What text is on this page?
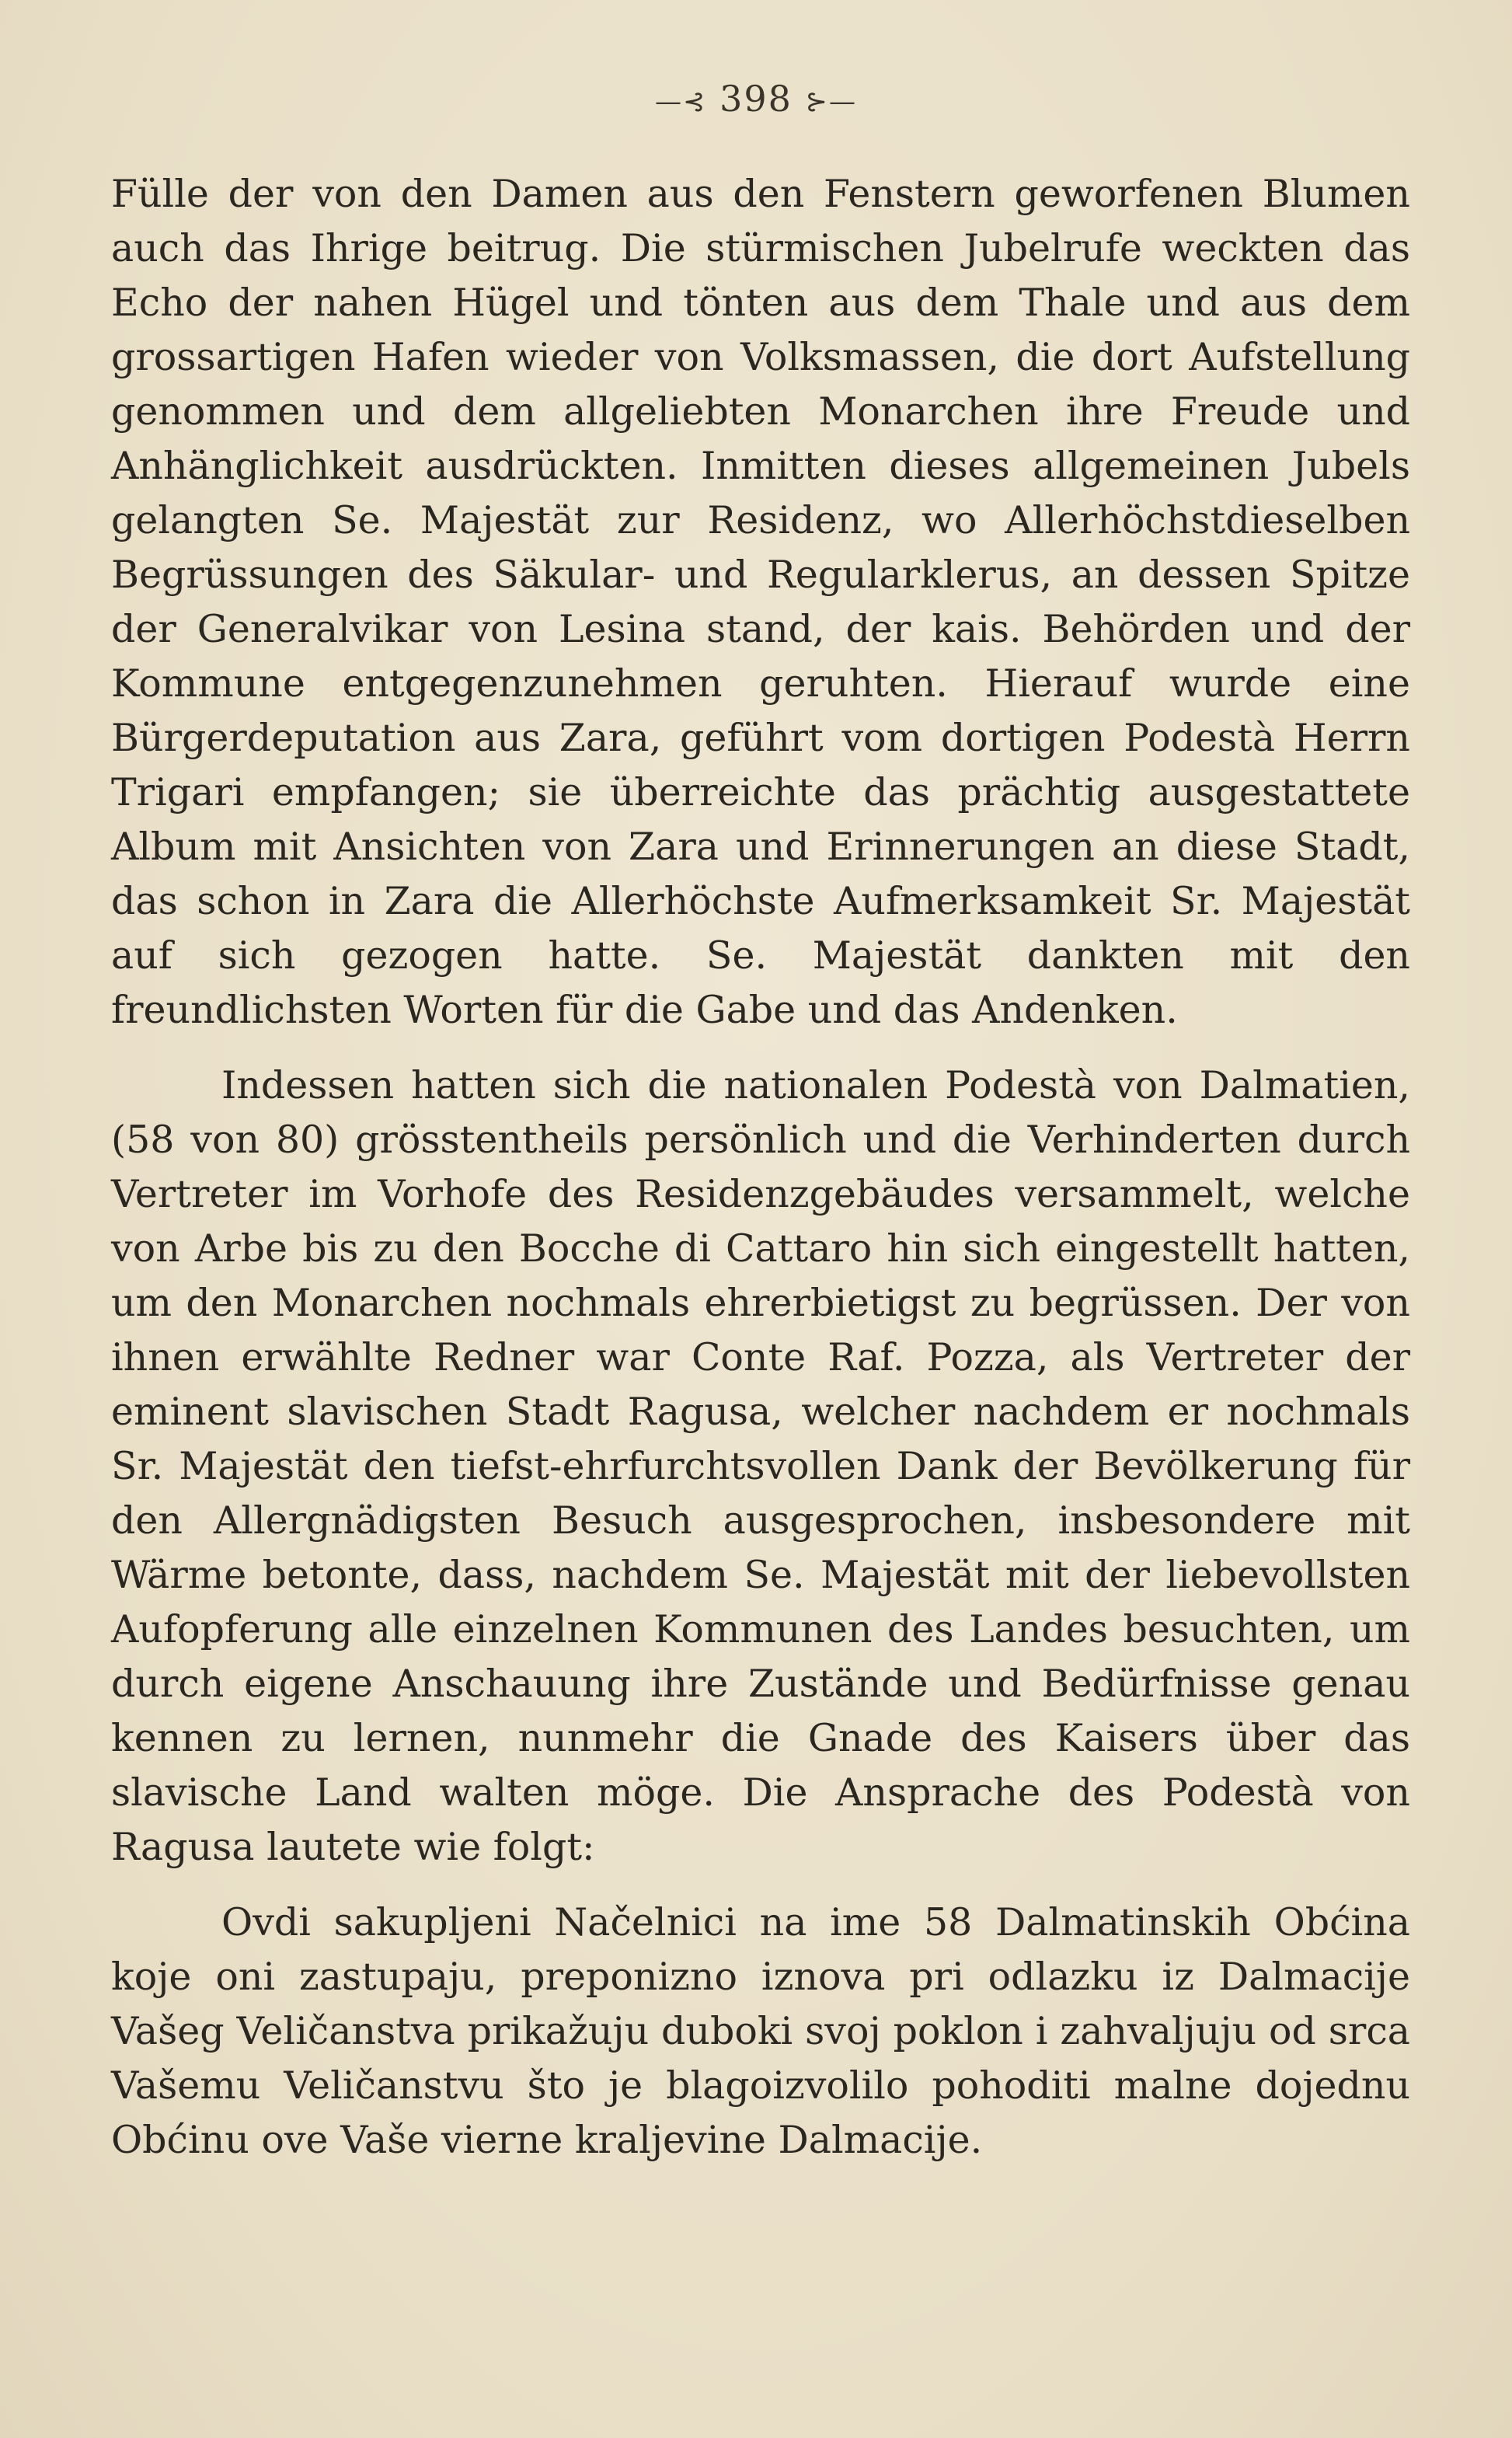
—⊰ 398 ⊱—

Fülle der von den Damen aus den Fenstern geworfenen Blumen auch das Ihrige beitrug. Die stürmischen Jubelrufe weckten das Echo der nahen Hügel und tönten aus dem Thale und aus dem grossartigen Hafen wieder von Volksmassen, die dort Aufstellung genommen und dem allgeliebten Monarchen ihre Freude und Anhänglichkeit ausdrückten. Inmitten dieses allgemeinen Jubels gelangten Se. Majestät zur Residenz, wo Allerhöchstdieselben Begrüssungen des Säkular- und Regularklerus, an dessen Spitze der Generalvikar von Lesina stand, der kais. Behörden und der Kommune entgegenzunehmen geruhten. Hierauf wurde eine Bürgerdeputation aus Zara, geführt vom dortigen Podestà Herrn Trigari empfangen; sie überreichte das prächtig ausgestattete Album mit Ansichten von Zara und Erinnerungen an diese Stadt, das schon in Zara die Allerhöchste Aufmerksamkeit Sr. Majestät auf sich gezogen hatte. Se. Majestät dankten mit den freundlichsten Worten für die Gabe und das Andenken.

Indessen hatten sich die nationalen Podestà von Dalmatien, (58 von 80) grösstentheils persönlich und die Verhinderten durch Vertreter im Vorhofe des Residenzgebäudes versammelt, welche von Arbe bis zu den Bocche di Cattaro hin sich eingestellt hatten, um den Monarchen nochmals ehrerbietigst zu begrüssen. Der von ihnen erwählte Redner war Conte Raf. Pozza, als Vertreter der eminent slavischen Stadt Ragusa, welcher nachdem er nochmals Sr. Majestät den tiefst-ehrfurchtsvollen Dank der Bevölkerung für den Allergnädigsten Besuch ausgesprochen, insbesondere mit Wärme betonte, dass, nachdem Se. Majestät mit der liebevollsten Aufopferung alle einzelnen Kommunen des Landes besuchten, um durch eigene Anschauung ihre Zustände und Bedürfnisse genau kennen zu lernen, nunmehr die Gnade des Kaisers über das slavische Land walten möge. Die Ansprache des Podestà von Ragusa lautete wie folgt:

Ovdi sakupljeni Načelnici na ime 58 Dalmatinskih Obćina koje oni zastupaju, preponizno iznova pri odlazku iz Dalmacije Vašeg Veličanstva prikažuju duboki svoj poklon i zahvaljuju od srca Vašemu Veličanstvu što je blagoizvolilo pohoditi malne dojednu Obćinu ove Vaše vierne kraljevine Dalmacije.
